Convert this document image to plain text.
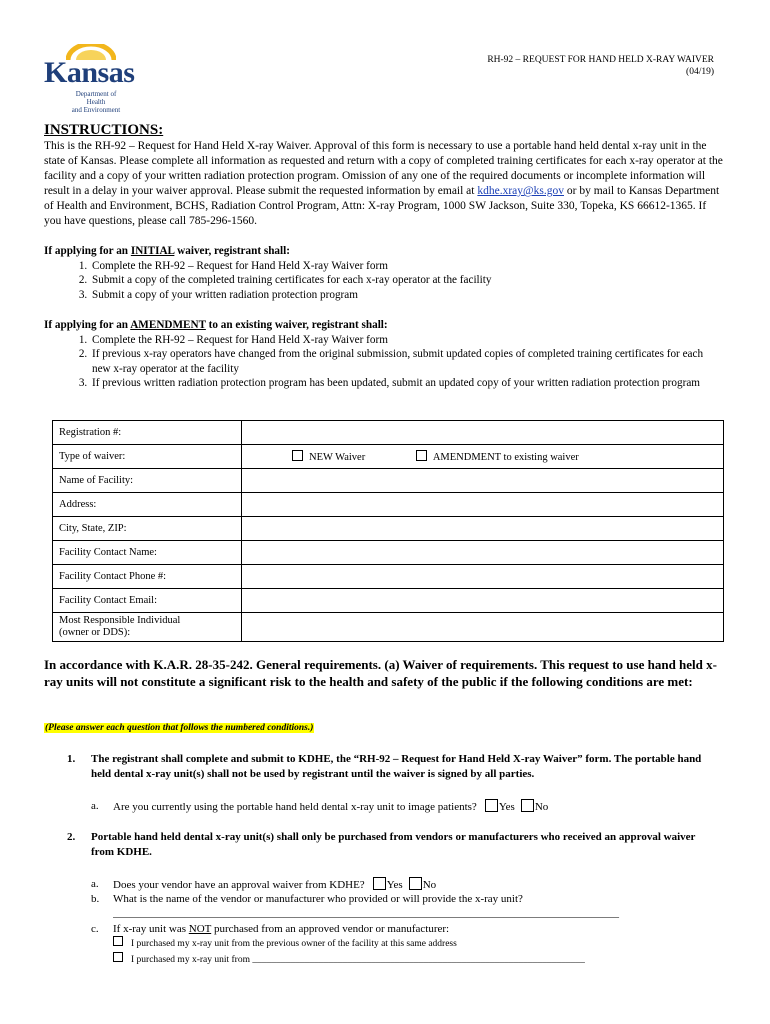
Kansas
Department of Health
and Environment
RH-92 – REQUEST FOR HAND HELD X-RAY WAIVER
(04/19)
INSTRUCTIONS:
This is the RH-92 – Request for Hand Held X-ray Waiver. Approval of this form is necessary to use a portable hand held dental x-ray unit in the state of Kansas. Please complete all information as requested and return with a copy of completed training certificates for each x-ray operator at the facility and a copy of your written radiation protection program. Omission of any one of the required documents or incomplete information will result in a delay in your waiver approval. Please submit the requested information by email at kdhe.xray@ks.gov or by mail to Kansas Department of Health and Environment, BCHS, Radiation Control Program, Attn: X-ray Program, 1000 SW Jackson, Suite 330, Topeka, KS 66612-1365. If you have questions, please call 785-296-1560.
If applying for an INITIAL waiver, registrant shall:
1. Complete the RH-92 – Request for Hand Held X-ray Waiver form
2. Submit a copy of the completed training certificates for each x-ray operator at the facility
3. Submit a copy of your written radiation protection program
If applying for an AMENDMENT to an existing waiver, registrant shall:
1. Complete the RH-92 – Request for Hand Held X-ray Waiver form
2. If previous x-ray operators have changed from the original submission, submit updated copies of completed training certificates for each new x-ray operator at the facility
3. If previous written radiation protection program has been updated, submit an updated copy of your written radiation protection program
Registration #:	
Type of waiver:	NEW Waiver AMENDMENT to existing waiver
Name of Facility:	
Address:	
City, State, ZIP:	
Facility Contact Name:	
Facility Contact Phone #:	
Facility Contact Email:	

Most Responsible Individual
(owner or DDS):	

In accordance with K.A.R. 28-35-242. General requirements. (a) Waiver of requirements. This request to use hand held x-ray units will not constitute a significant risk to the health and safety of the public if the following conditions are met:
(Please answer each question that follows the numbered conditions.)
1. The registrant shall complete and submit to KDHE, the “RH-92 – Request for Hand Held X-ray Waiver” form. The portable hand held dental x-ray unit(s) shall not be used by registrant until the waiver is signed by all parties.
a. Are you currently using the portable hand held dental x-ray unit to image patients? Yes No
2. Portable hand held dental x-ray unit(s) shall only be purchased from vendors or manufacturers who received an approval waiver from KDHE.
a. Does your vendor have an approval waiver from KDHE? Yes No
b. What is the name of the vendor or manufacturer who provided or will provide the x-ray unit?
____________________________________________________________________________________________
c. If x-ray unit was NOT purchased from an approved vendor or manufacturer:
I purchased my x-ray unit from the previous owner of the facility at this same address
I purchased my x-ray unit from ______________________________________________________________________
